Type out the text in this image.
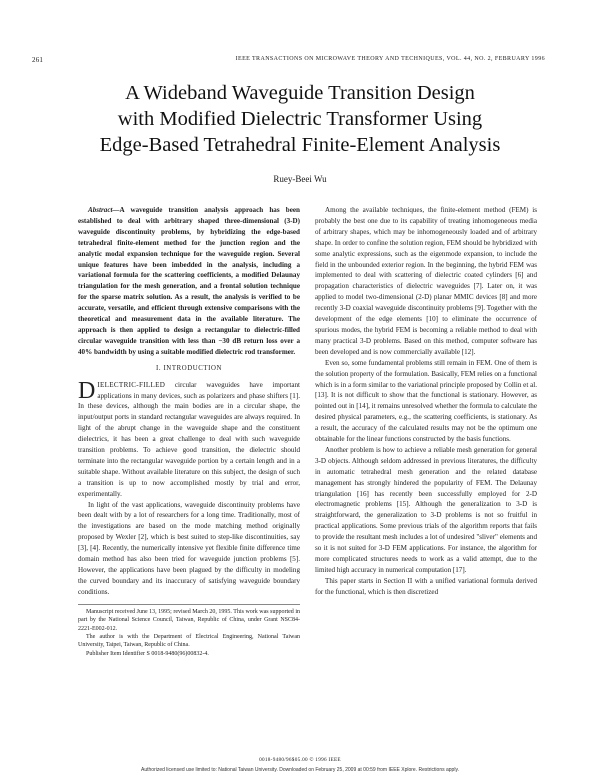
261	IEEE TRANSACTIONS ON MICROWAVE THEORY AND TECHNIQUES, VOL. 44, NO. 2, FEBRUARY 1996
A Wideband Waveguide Transition Design
with Modified Dielectric Transformer Using
Edge-Based Tetrahedral Finite-Element Analysis
Ruey-Beei Wu

Abstract—A waveguide transition analysis approach has been established to deal with arbitrary shaped three-dimensional (3-D) waveguide discontinuity problems, by hybridizing the edge-based tetrahedral finite-element method for the junction region and the analytic modal expansion technique for the waveguide region. Several unique features have been imbedded in the analysis, including a variational formula for the scattering coefficients, a modified Delaunay triangulation for the mesh generation, and a frontal solution technique for the sparse matrix solution. As a result, the analysis is verified to be accurate, versatile, and efficient through extensive comparisons with the theoretical and measurement data in the available literature. The approach is then applied to design a rectangular to dielectric-filled circular waveguide transition with less than −30 dB return loss over a 40% bandwidth by using a suitable modified dielectric rod transformer.

I. INTRODUCTION

DIELECTRIC-FILLED circular waveguides have important applications in many devices, such as polarizers and phase shifters [1]. In these devices, although the main bodies are in a circular shape, the input/output ports in standard rectangular waveguides are always required. In light of the abrupt change in the waveguide shape and the constituent dielectrics, it has been a great challenge to deal with such waveguide transition problems. To achieve good transition, the dielectric should terminate into the rectangular waveguide portion by a certain length and in a suitable shape. Without available literature on this subject, the design of such a transition is up to now accomplished mostly by trial and error, experimentally.

In light of the vast applications, waveguide discontinuity problems have been dealt with by a lot of researchers for a long time. Traditionally, most of the investigations are based on the mode matching method originally proposed by Wexler [2], which is best suited to step-like discontinuities, say [3], [4]. Recently, the numerically intensive yet flexible finite difference time domain method has also been tried for waveguide junction problems [5]. However, the applications have been plagued by the difficulty in modeling the curved boundary and its inaccuracy of satisfying waveguide boundary conditions.

Manuscript received June 13, 1995; revised March 20, 1995. This work was supported in part by the National Science Council, Taiwan, Republic of China, under Grant NSC84-2221-E002-012.

The author is with the Department of Electrical Engineering, National Taiwan University, Taipei, Taiwan, Republic of China.

Publisher Item Identifier S 0018-9480(96)00832-4.

Among the available techniques, the finite-element method (FEM) is probably the best one due to its capability of treating inhomogeneous media of arbitrary shapes, which may be inhomogeneously loaded and of arbitrary shape. In order to confine the solution region, FEM should be hybridized with some analytic expressions, such as the eigenmode expansion, to include the field in the unbounded exterior region. In the beginning, the hybrid FEM was implemented to deal with scattering of dielectric coated cylinders [6] and propagation characteristics of dielectric waveguides [7]. Later on, it was applied to model two-dimensional (2-D) planar MMIC devices [8] and more recently 3-D coaxial waveguide discontinuity problems [9]. Together with the development of the edge elements [10] to eliminate the occurrence of spurious modes, the hybrid FEM is becoming a reliable method to deal with many practical 3-D problems. Based on this method, computer software has been developed and is now commercially available [12].

Even so, some fundamental problems still remain in FEM. One of them is the solution property of the formulation. Basically, FEM relies on a functional which is in a form similar to the variational principle proposed by Collin et al. [13]. It is not difficult to show that the functional is stationary. However, as pointed out in [14], it remains unresolved whether the formula to calculate the desired physical parameters, e.g., the scattering coefficients, is stationary. As a result, the accuracy of the calculated results may not be the optimum one obtainable for the linear functions constructed by the basis functions.

Another problem is how to achieve a reliable mesh generation for general 3-D objects. Although seldom addressed in previous literatures, the difficulty in automatic tetrahedral mesh generation and the related database management has strongly hindered the popularity of FEM. The Delaunay triangulation [16] has recently been successfully employed for 2-D electromagnetic problems [15]. Although the generalization to 3-D is straightforward, the generalization to 3-D problems is not so fruitful in practical applications. Some previous trials of the algorithm reports that fails to provide the resultant mesh includes a lot of undesired "sliver" elements and so it is not suited for 3-D FEM applications. For instance, the algorithm for more complicated structures needs to work as a valid attempt, due to the limited high accuracy in numerical computation [17].

This paper starts in Section II with a unified variational formula derived for the functional, which is then discretized

0018-9480/96$05.00 © 1996 IEEE
Authorized licensed use limited to: National Taiwan University. Downloaded on February 25, 2009 at 00:59 from IEEE Xplore. Restrictions apply.
